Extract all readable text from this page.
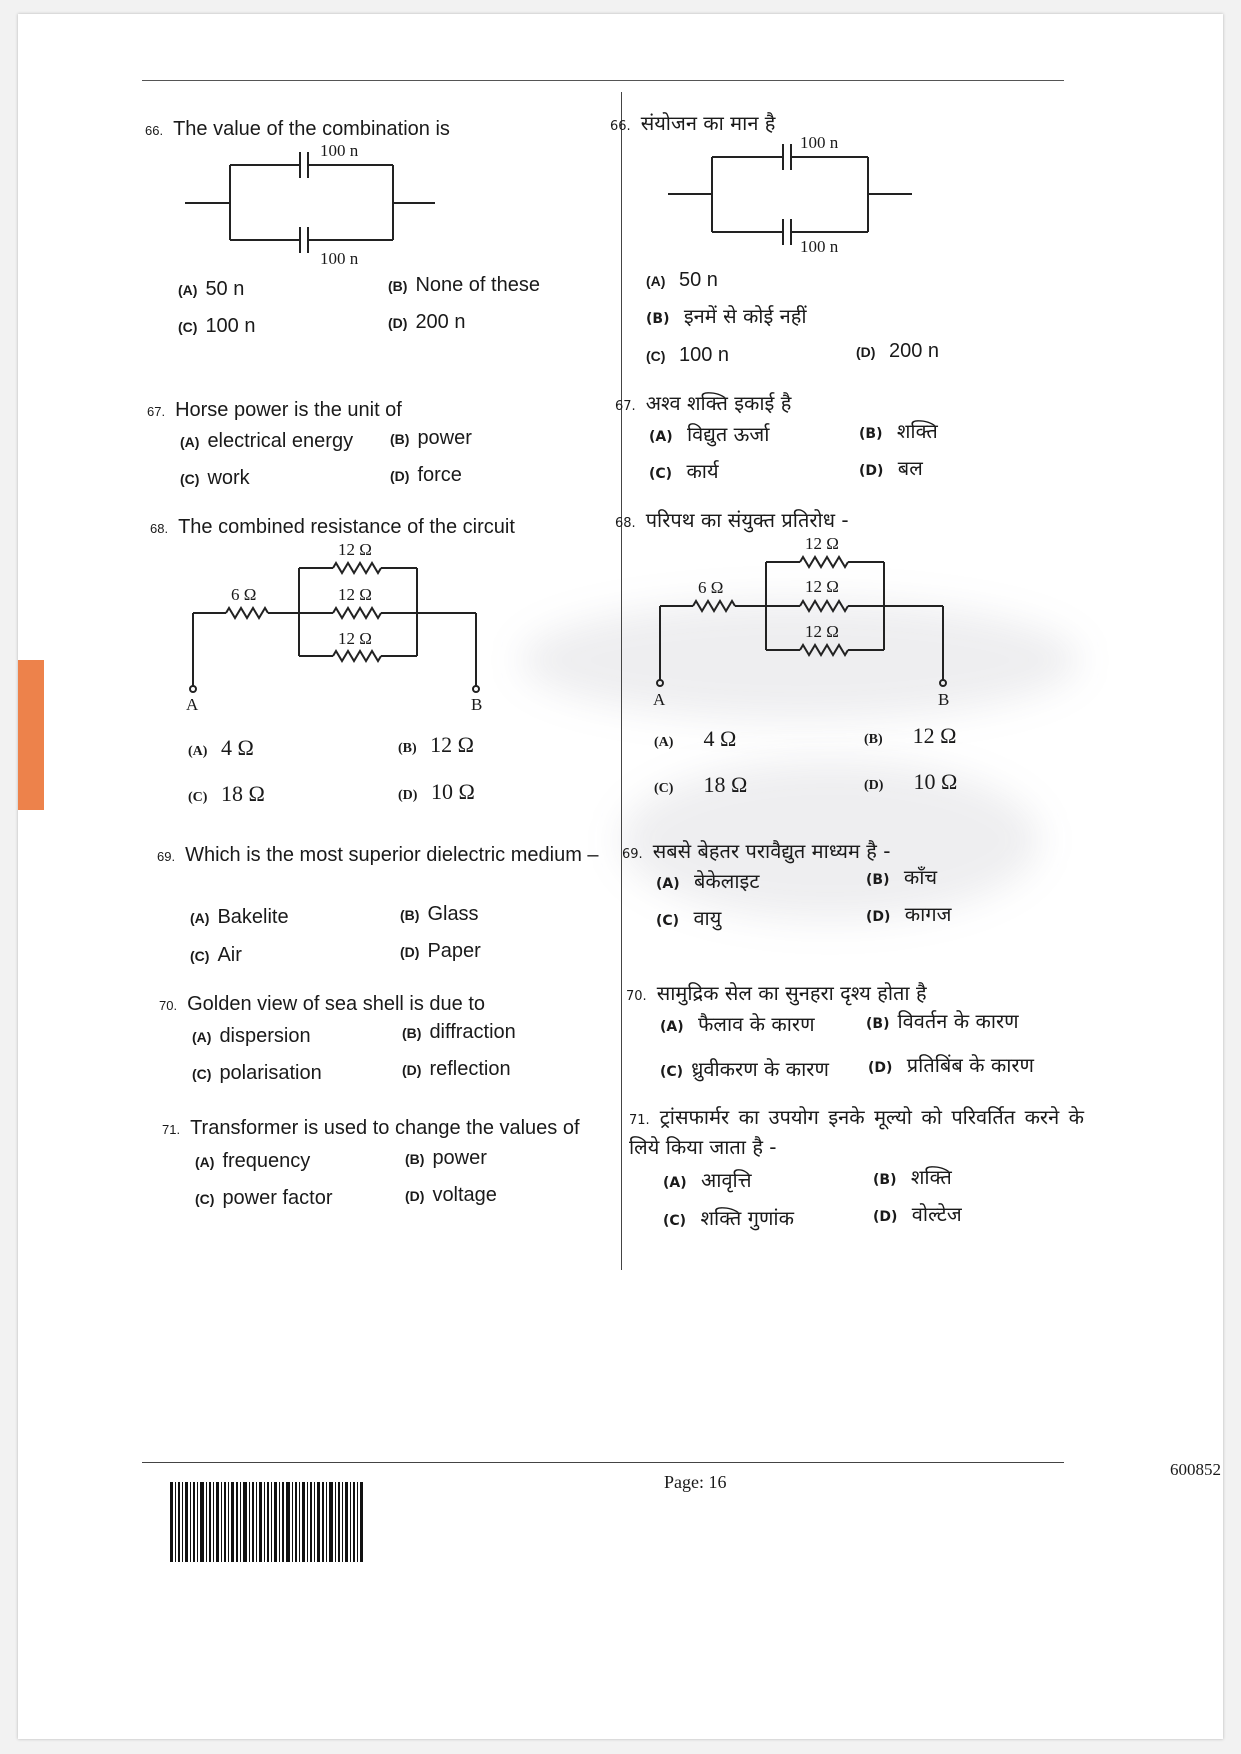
66. The value of the combination is
100 n
100 n
(A) 50 n	(B) None of these
(C) 100 n	(D) 200 n
67. Horse power is the unit of
(A) electrical energy	(B) power
(C) work	(D) force
68. The combined resistance of the circuit
6 Ω
12 Ω
12 Ω
12 Ω
A	B
(A) 4 Ω	(B) 12 Ω
(C) 18 Ω	(D) 10 Ω
69. Which is the most superior dielectric medium –
(A) Bakelite	(B) Glass
(C) Air	(D) Paper
70. Golden view of sea shell is due to
(A) dispersion	(B) diffraction
(C) polarisation	(D) reflection
71. Transformer is used to change the values of
(A) frequency	(B) power
(C) power factor	(D) voltage
66. संयोजन का मान है
100 n
100 n
(A) 50 n
(B) इनमें से कोई नहीं
(C) 100 n	(D) 200 n
67. अश्व शक्ति इकाई है
(A) विद्युत ऊर्जा	(B) शक्ति
(C) कार्य	(D) बल
68. परिपथ का संयुक्त प्रतिरोध -
6 Ω
12 Ω
12 Ω
12 Ω
A	B
(A) 4 Ω	(B) 12 Ω
(C) 18 Ω	(D) 10 Ω
69. सबसे बेहतर परावैद्युत माध्यम है -
(A) बेकेलाइट	(B) काँच
(C) वायु	(D) कागज
70. सामुद्रिक सेल का सुनहरा दृश्य होता है
(A) फैलाव के कारण	(B) विवर्तन के कारण
(C) ध्रुवीकरण के कारण	(D) प्रतिबिंब के कारण
71. ट्रांसफार्मर का उपयोग इनके मूल्यो को परिवर्तित करने के लिये किया जाता है -
(A) आवृत्ति	(B) शक्ति
(C) शक्ति गुणांक	(D) वोल्टेज
Page: 16
600852
